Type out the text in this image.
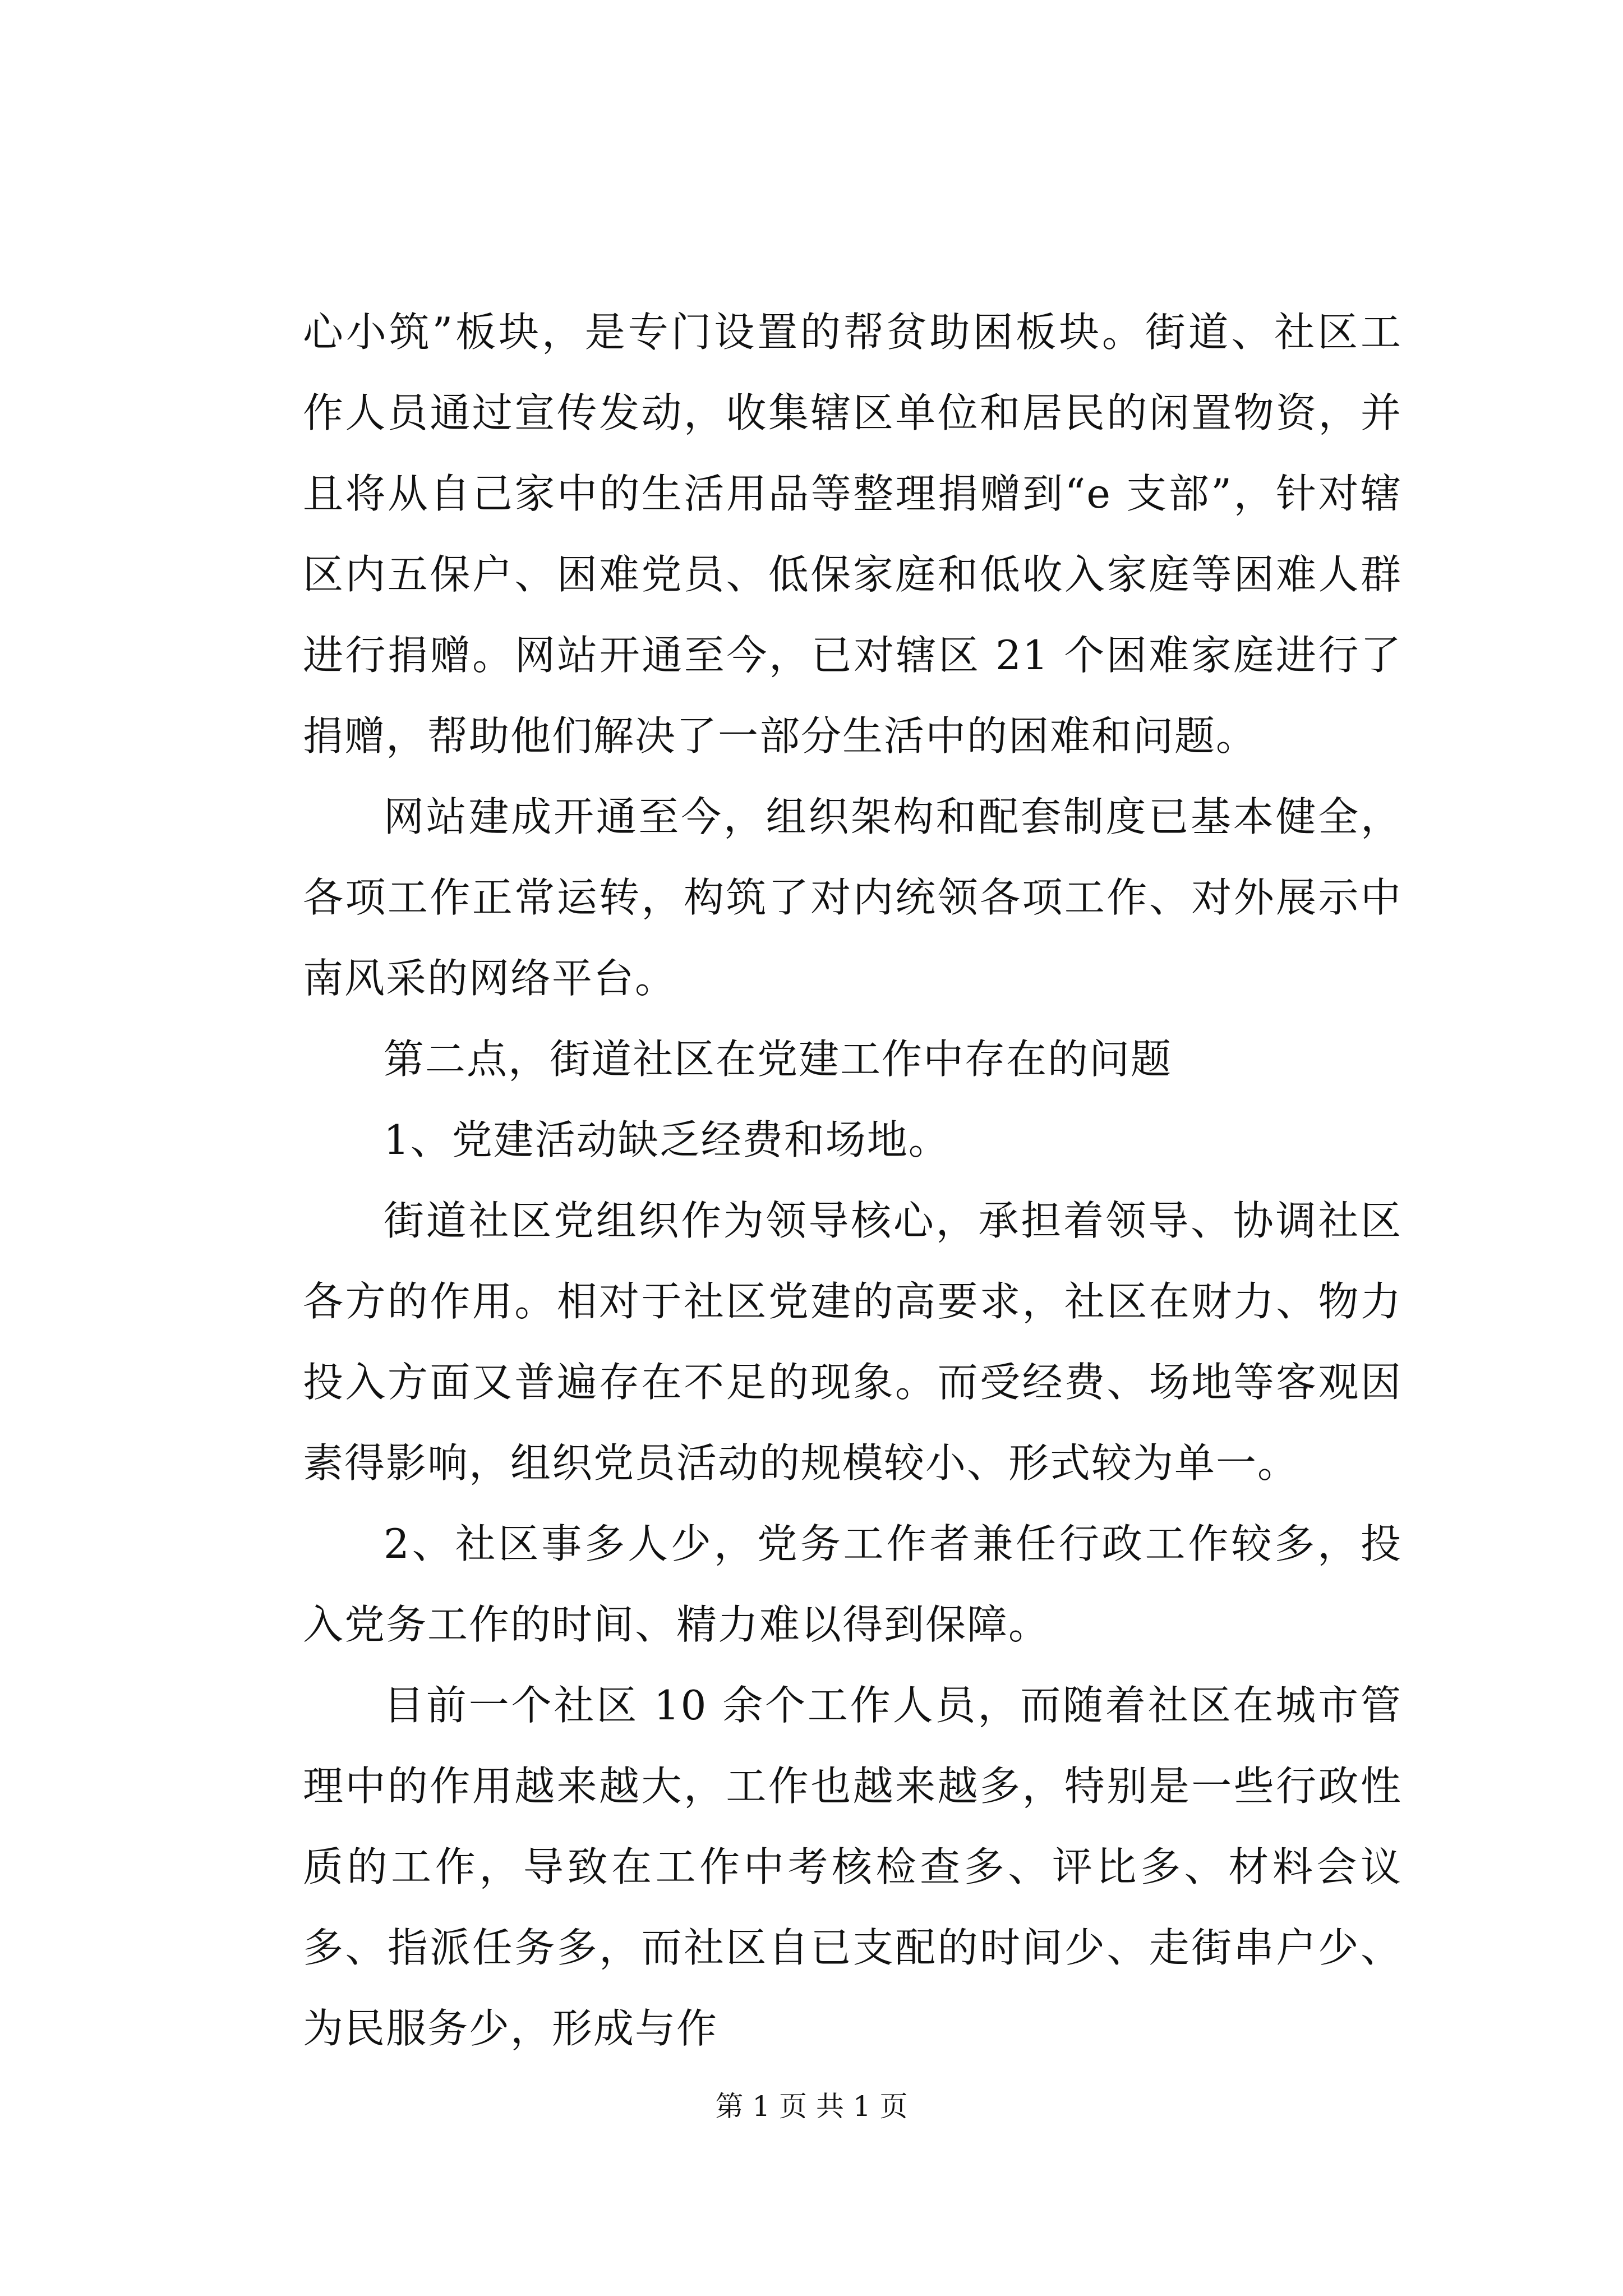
心小筑”板块，是专门设置的帮贫助困板块。街道、社区工作人员通过宣传发动，收集辖区单位和居民的闲置物资，并且将从自己家中的生活用品等整理捐赠到“e 支部”，针对辖区内五保户、困难党员、低保家庭和低收入家庭等困难人群进行捐赠。网站开通至今，已对辖区 21 个困难家庭进行了捐赠，帮助他们解决了一部分生活中的困难和问题。

网站建成开通至今，组织架构和配套制度已基本健全，各项工作正常运转，构筑了对内统领各项工作、对外展示中南风采的网络平台。

第二点，街道社区在党建工作中存在的问题

1、党建活动缺乏经费和场地。

街道社区党组织作为领导核心，承担着领导、协调社区各方的作用。相对于社区党建的高要求，社区在财力、物力投入方面又普遍存在不足的现象。而受经费、场地等客观因素得影响，组织党员活动的规模较小、形式较为单一。

2、社区事多人少，党务工作者兼任行政工作较多，投入党务工作的时间、精力难以得到保障。

目前一个社区 10 余个工作人员，而随着社区在城市管理中的作用越来越大，工作也越来越多，特别是一些行政性质的工作，导致在工作中考核检查多、评比多、材料会议多、指派任务多，而社区自已支配的时间少、走街串户少、为民服务少，形成与作

第 1 页 共 1 页
